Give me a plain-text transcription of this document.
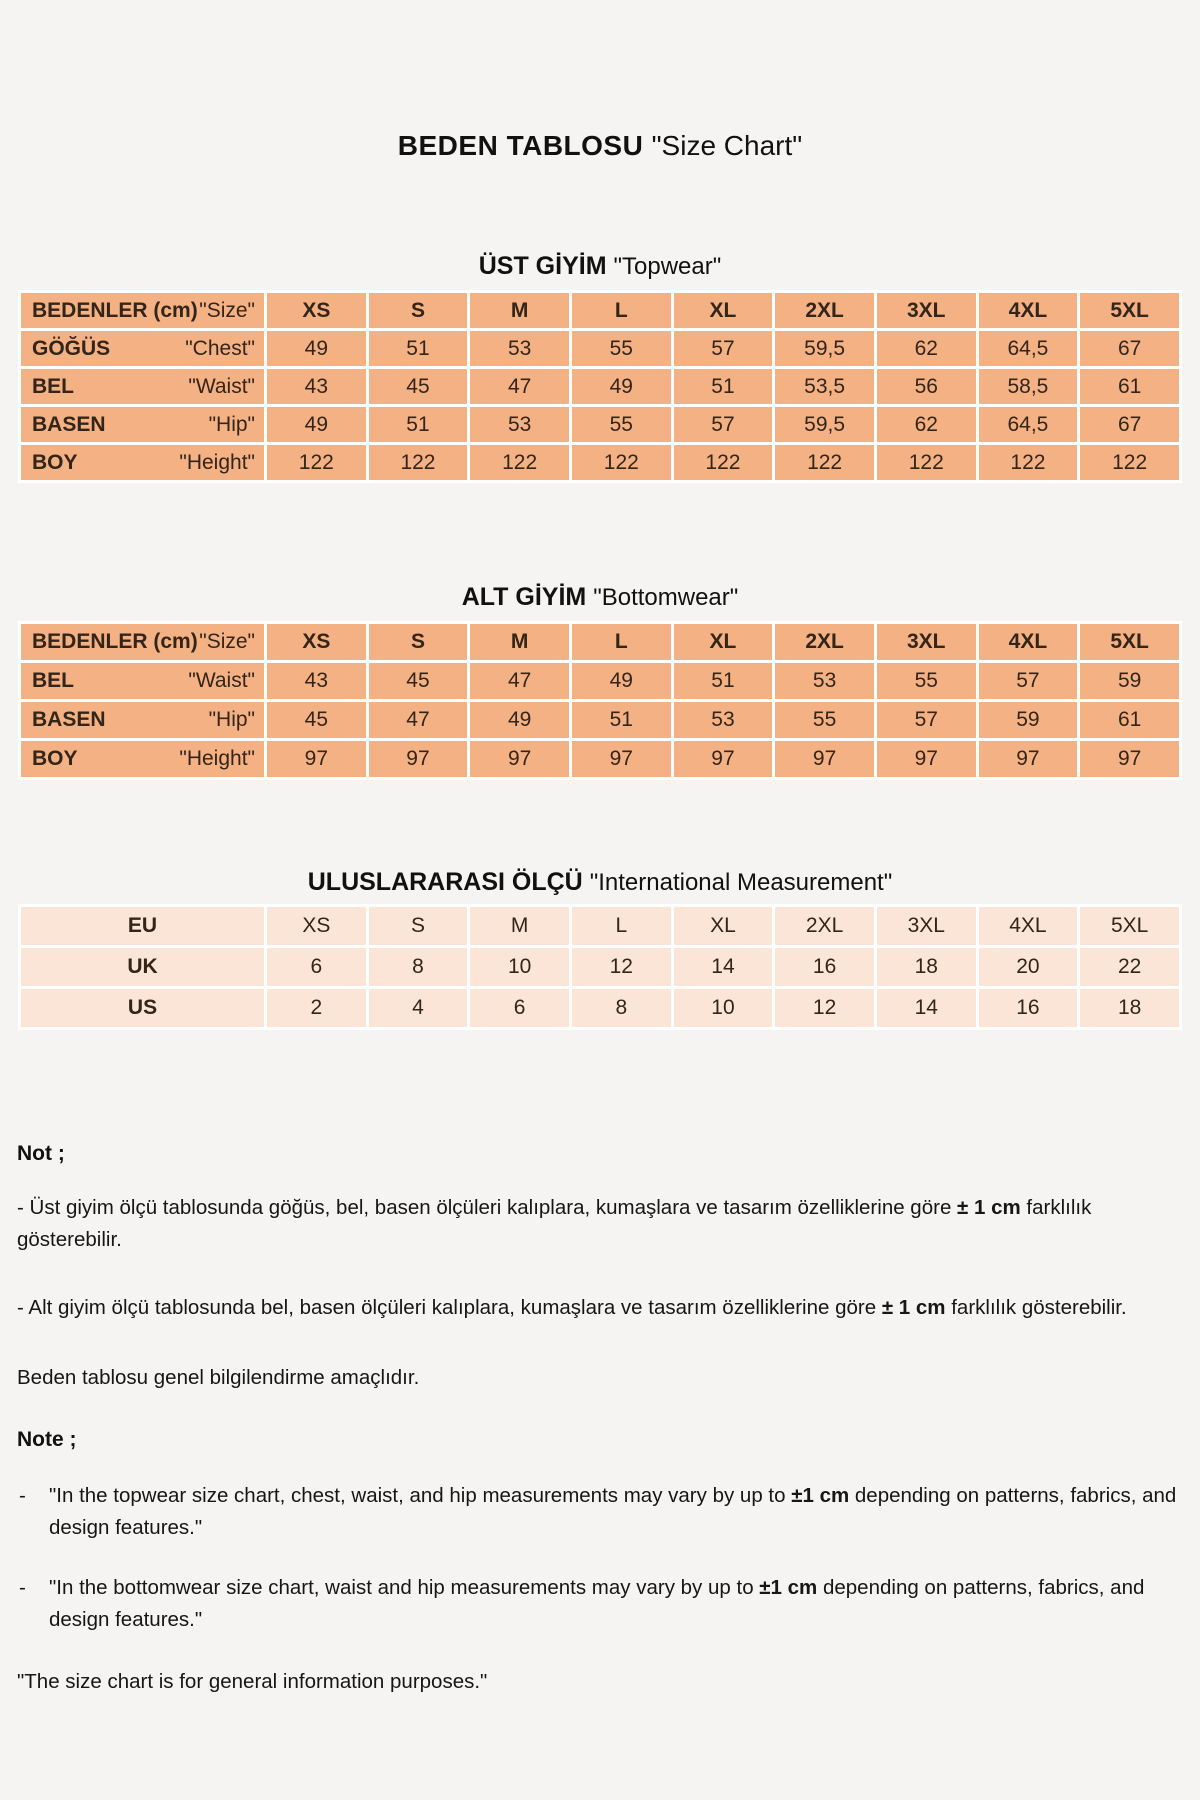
BEDEN TABLOSU "Size Chart"
ÜST GİYİM "Topwear"
BEDENLER (cm) "Size"	XS	S	M	L	XL	2XL	3XL	4XL	5XL

GÖĞÜS "Chest"	49	51	53	55	57	59,5	62	64,5	67

BEL "Waist"	43	45	47	49	51	53,5	56	58,5	61

BASEN "Hip"	49	51	53	55	57	59,5	62	64,5	67

BOY "Height"	122	122	122	122	122	122	122	122	122
ALT GİYİM "Bottomwear"
BEDENLER (cm) "Size"	XS	S	M	L	XL	2XL	3XL	4XL	5XL

BEL "Waist"	43	45	47	49	51	53	55	57	59

BASEN "Hip"	45	47	49	51	53	55	57	59	61

BOY "Height"	97	97	97	97	97	97	97	97	97
ULUSLARARASI ÖLÇÜ "International Measurement"
EU	XS	S	M	L	XL	2XL	3XL	4XL	5XL
UK	6	8	10	12	14	16	18	20	22
US	2	4	6	8	10	12	14	16	18

Not ;

- Üst giyim ölçü tablosunda göğüs, bel, basen ölçüleri kalıplara, kumaşlara ve tasarım özelliklerine göre ± 1 cm farklılık gösterebilir.

- Alt giyim ölçü tablosunda bel, basen ölçüleri kalıplara, kumaşlara ve tasarım özelliklerine göre ± 1 cm farklılık gösterebilir.

Beden tablosu genel bilgilendirme amaçlıdır.

Note ;

-	"In the topwear size chart, chest, waist, and hip measurements may vary by up to ±1 cm depending on patterns, fabrics, and design features."

-	"In the bottomwear size chart, waist and hip measurements may vary by up to ±1 cm depending on patterns, fabrics, and design features."

"The size chart is for general information purposes."
